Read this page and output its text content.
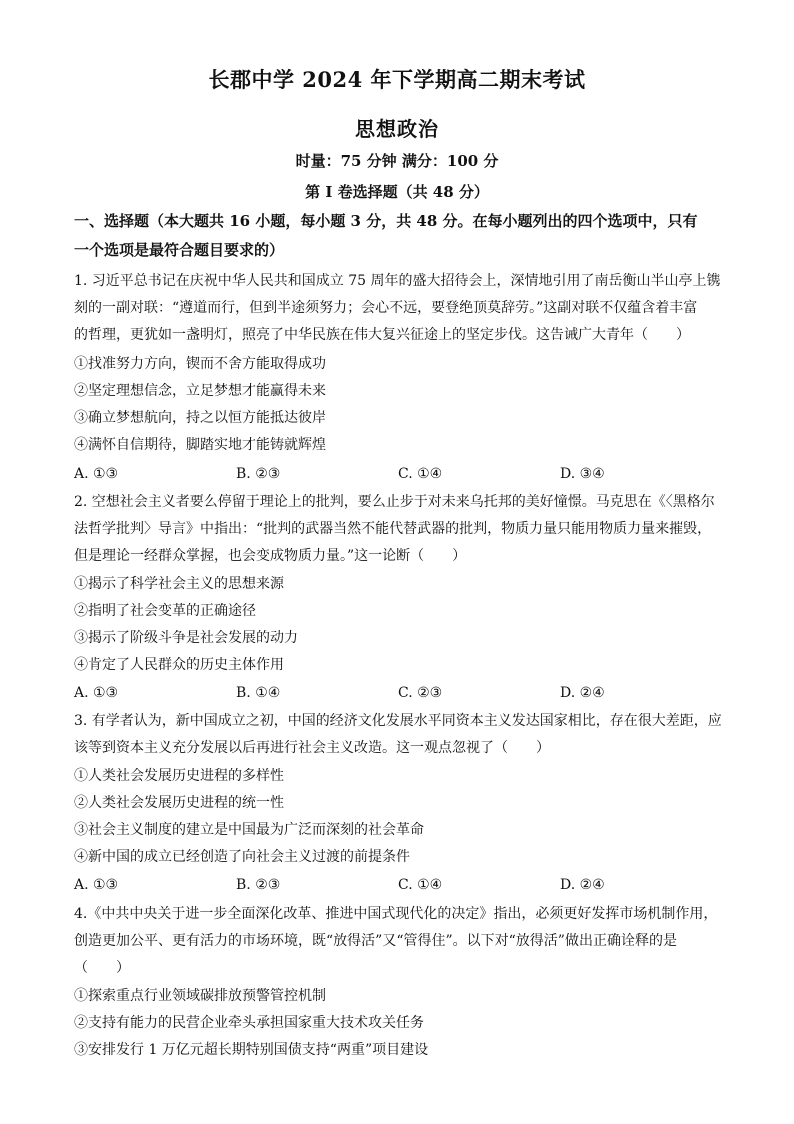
长郡中学 2024 年下学期高二期末考试
思想政治
时量：75 分钟 满分：100 分
第 I 卷选择题（共 48 分）
一、选择题（本大题共 16 小题，每小题 3 分，共 48 分。在每小题列出的四个选项中，只有
一个选项是最符合题目要求的）
1. 习近平总书记在庆祝中华人民共和国成立 75 周年的盛大招待会上，深情地引用了南岳衡山半山亭上镌
刻的一副对联：“遵道而行，但到半途须努力；会心不远，要登绝顶莫辞劳。”这副对联不仅蕴含着丰富
的哲理，更犹如一盏明灯，照亮了中华民族在伟大复兴征途上的坚定步伐。这告诫广大青年（　　）
①找准努力方向，锲而不舍方能取得成功
②坚定理想信念，立足梦想才能赢得未来
③确立梦想航向，持之以恒方能抵达彼岸
④满怀自信期待，脚踏实地才能铸就辉煌
A. ①③	B. ②③	C. ①④	D. ③④
2. 空想社会主义者要么停留于理论上的批判，要么止步于对未来乌托邦的美好憧憬。马克思在《〈黑格尔
法哲学批判〉导言》中指出：“批判的武器当然不能代替武器的批判，物质力量只能用物质力量来摧毁，
但是理论一经群众掌握，也会变成物质力量。”这一论断（　　）
①揭示了科学社会主义的思想来源
②指明了社会变革的正确途径
③揭示了阶级斗争是社会发展的动力
④肯定了人民群众的历史主体作用
A. ①③	B. ①④	C. ②③	D. ②④
3. 有学者认为，新中国成立之初，中国的经济文化发展水平同资本主义发达国家相比，存在很大差距，应
该等到资本主义充分发展以后再进行社会主义改造。这一观点忽视了（　　）
①人类社会发展历史进程的多样性
②人类社会发展历史进程的统一性
③社会主义制度的建立是中国最为广泛而深刻的社会革命
④新中国的成立已经创造了向社会主义过渡的前提条件
A. ①③	B. ②③	C. ①④	D. ②④
4.《中共中央关于进一步全面深化改革、推进中国式现代化的决定》指出，必须更好发挥市场机制作用，
创造更加公平、更有活力的市场环境，既“放得活”又“管得住”。以下对“放得活”做出正确诠释的是
（　　）
①探索重点行业领域碳排放预警管控机制
②支持有能力的民营企业牵头承担国家重大技术攻关任务
③安排发行 1 万亿元超长期特别国债支持“两重”项目建设
